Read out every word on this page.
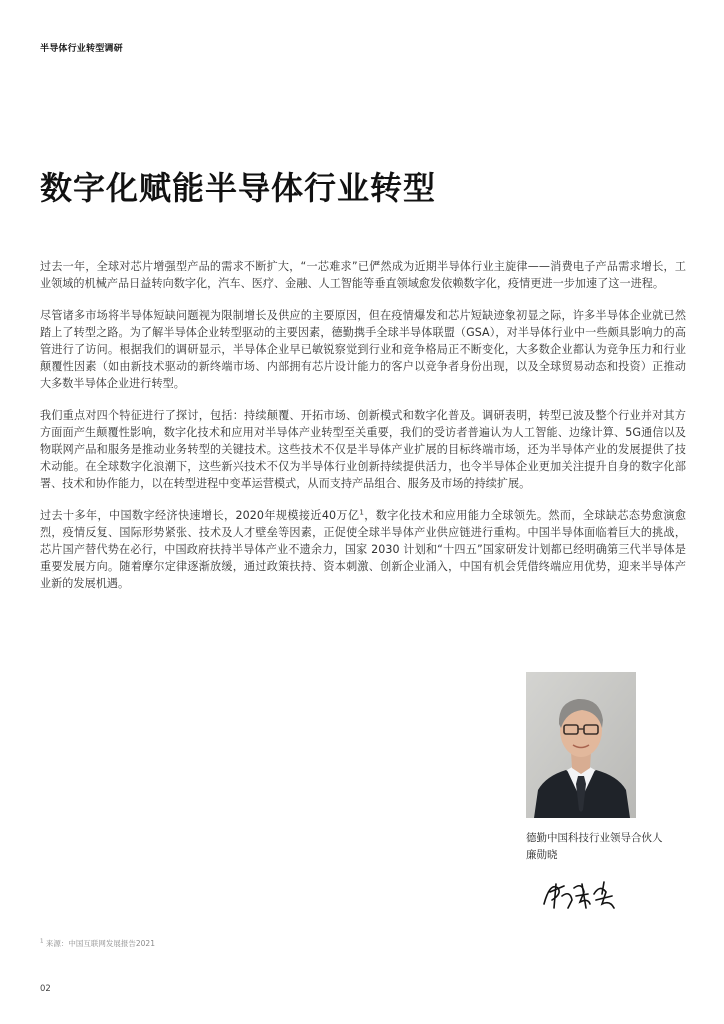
半导体行业转型调研
数字化赋能半导体行业转型

过去一年，全球对芯片增强型产品的需求不断扩大，“一芯难求”已俨然成为近期半导体行业主旋律——消费电子产品需求增长，工业领域的机械产品日益转向数字化，汽车、医疗、金融、人工智能等垂直领域愈发依赖数字化，疫情更进一步加速了这一进程。

尽管诸多市场将半导体短缺问题视为限制增长及供应的主要原因，但在疫情爆发和芯片短缺迹象初显之际，许多半导体企业就已然踏上了转型之路。为了解半导体企业转型驱动的主要因素，德勤携手全球半导体联盟（GSA），对半导体行业中一些颇具影响力的高管进行了访问。根据我们的调研显示，半导体企业早已敏锐察觉到行业和竞争格局正不断变化，大多数企业都认为竞争压力和行业颠覆性因素（如由新技术驱动的新终端市场、内部拥有芯片设计能力的客户以竞争者身份出现，以及全球贸易动态和投资）正推动大多数半导体企业进行转型。

我们重点对四个特征进行了探讨，包括：持续颠覆、开拓市场、创新模式和数字化普及。调研表明，转型已波及整个行业并对其方方面面产生颠覆性影响，数字化技术和应用对半导体产业转型至关重要，我们的受访者普遍认为人工智能、边缘计算、5G通信以及物联网产品和服务是推动业务转型的关键技术。这些技术不仅是半导体产业扩展的目标终端市场，还为半导体产业的发展提供了技术动能。在全球数字化浪潮下，这些新兴技术不仅为半导体行业创新持续提供活力，也令半导体企业更加关注提升自身的数字化部署、技术和协作能力，以在转型进程中变革运营模式，从而支持产品组合、服务及市场的持续扩展。

过去十多年，中国数字经济快速增长，2020年规模接近40万亿$^1$，数字化技术和应用能力全球领先。然而，全球缺芯态势愈演愈烈，疫情反复、国际形势紧张、技术及人才壁垒等因素，正促使全球半导体产业供应链进行重构。中国半导体面临着巨大的挑战，芯片国产替代势在必行，中国政府扶持半导体产业不遗余力，国家 2030 计划和“十四五”国家研发计划都已经明确第三代半导体是重要发展方向。随着摩尔定律逐渐放缓，通过政策扶持、资本刺激、创新企业涌入，中国有机会凭借终端应用优势，迎来半导体产业新的发展机遇。

德勤中国科技行业领导合伙人
廉勋晓
$^1$ 来源：中国互联网发展报告2021
02
